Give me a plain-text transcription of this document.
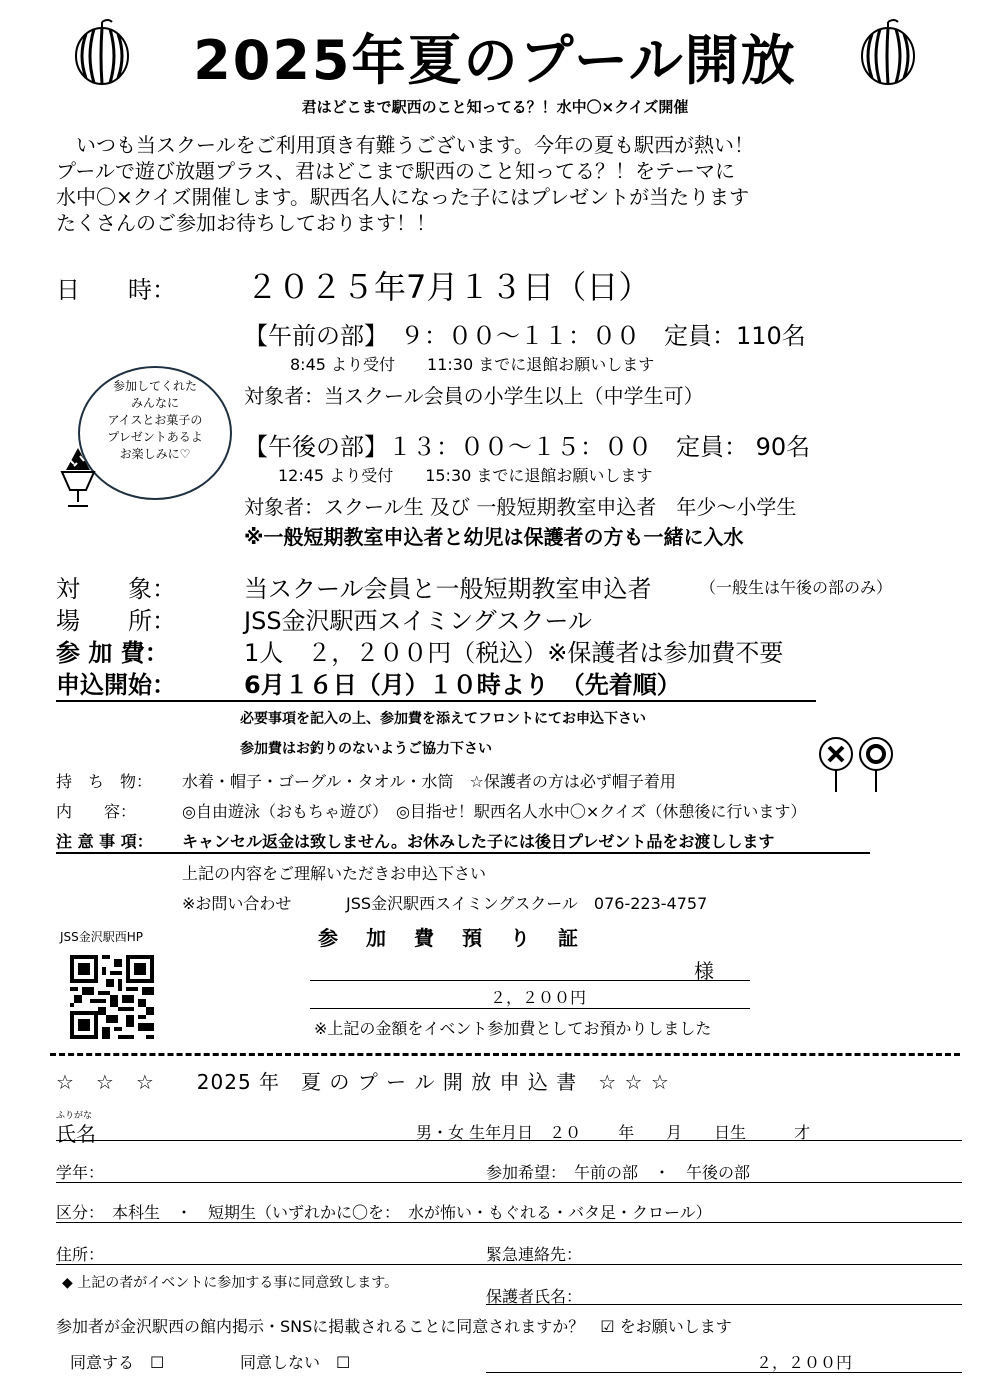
2025年夏のプール開放
君はどこまで駅西のこと知ってる？！水中〇×クイズ開催
　いつも当スクールをご利用頂き有難うございます。今年の夏も駅西が熱い！
プールで遊び放題プラス、君はどこまで駅西のこと知ってる？！をテーマに
水中〇×クイズ開催します。駅西名人になった子にはプレゼントが当たります
たくさんのご参加お待ちしております！！
日　　時： ２０２５年7月１３日（日）
【午前の部】　９：００～１１：００　定員：110名
8:45 より受付　　11:30 までに退館お願いします
対象者：当スクール会員の小学生以上（中学生可）
【午後の部】１３：００～１５：００　定員： 90名
12:45 より受付　　15:30 までに退館お願いします
対象者：スクール生 及び 一般短期教室申込者　年少～小学生
※一般短期教室申込者と幼児は保護者の方も一緒に入水
参加してくれた
みんなに
アイスとお菓子の
プレゼントあるよ
お楽しみに♡
対　　象：	当スクール会員と一般短期教室申込者	（一般生は午後の部のみ）
場　　所：	JSS金沢駅西スイミングスクール
参 加 費：	1人　２，２００円（税込）※保護者は参加費不要
申込開始：	6月１６日（月）１０時より　（先着順）
必要事項を記入の上、参加費を添えてフロントにてお申込下さい
参加費はお釣りのないようご協力下さい
持　ち　物： 水着・帽子・ゴーグル・タオル・水筒　☆保護者の方は必ず帽子着用
内　　容：	◎自由遊泳（おもちゃ遊び）　◎目指せ！駅西名人水中〇×クイズ（休憩後に行います）
注 意 事 項： キャンセル返金は致しません。お休みした子には後日プレゼント品をお渡しします
上記の内容をご理解いただきお申込下さい
※お問い合わせ	JSS金沢駅西スイミングスクール　076-223-4757
JSS金沢駅西HP	参　加　費　預　り　証
様
２，２００円
※上記の金額をイベント参加費としてお預かりしました
☆　☆　☆　　2025 年　夏 の プ ー ル 開 放 申 込 書　☆ ☆ ☆
ふりがな
氏名	男・女 生年月日　２０　　 年　　月　　日生　　　才
学年：	参加希望：　午前の部　・　午後の部
区分：　本科生　・　短期生（いずれかに〇を：　水が怖い・もぐれる・バタ足・クロール）
住所：	緊急連絡先：
◆ 上記の者がイベントに参加する事に同意致します。
保護者氏名：
参加者が金沢駅西の館内掲示・SNSに掲載されることに同意されますか？　☑ をお願いします
同意する　☐	同意しない　☐	２，２００円
